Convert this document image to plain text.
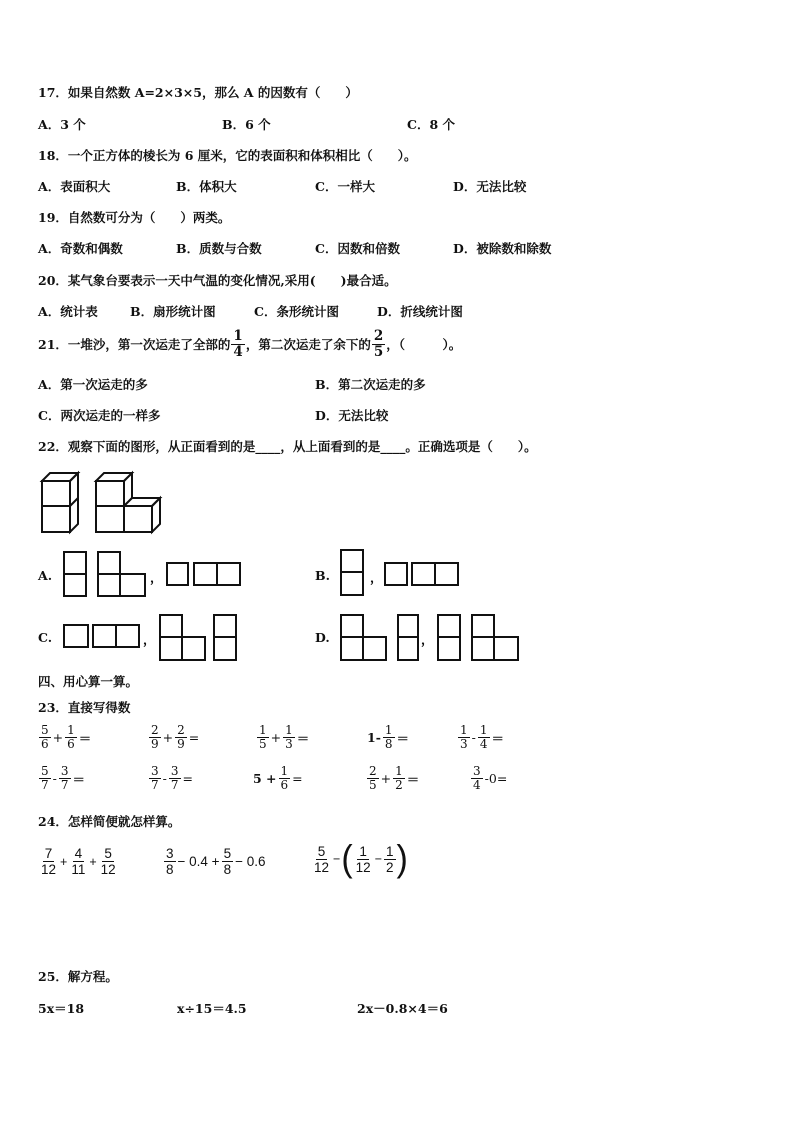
17．如果自然数 A=2×3×5，那么 A 的因数有（　　）
A．3 个	B．6 个	C．8 个
18．一个正方体的棱长为 6 厘米，它的表面积和体积相比（　　）。
A．表面积大	B．体积大	C．一样大	D．无法比较
19．自然数可分为（　　）两类。
A．奇数和偶数	B．质数与合数	C．因数和倍数	D．被除数和除数
20．某气象台要表示一天中气温的变化情况,采用(　　)最合适。
A．统计表	B．扇形统计图	C．条形统计图	D．折线统计图
21．一堆沙，第一次运走了全部的 $\frac{1}{4}$ ，第二次运走了余下的 $\frac{2}{5}$ ，（　　　）。
A．第一次运走的多	B．第二次运走的多
C．两次运走的一样多	D．无法比较
22．观察下面的图形，从正面看到的是____，从上面看到的是____。正确选项是（　　）。
A.	B.
C.	D.
，	，
，	，
四、用心算一算。
23．直接写得数
$\frac{5}{6} + \frac{1}{6}$ ＝	$\frac{2}{9} + \frac{2}{9}$ =	$\frac{1}{5} + \frac{1}{3}$ ＝	$1- \frac{1}{8}$ ＝	$\frac{1}{3} - \frac{1}{4}$ ＝
$\frac{5}{7} - \frac{3}{7}$ ＝	$\frac{3}{7} - \frac{3}{7}$ =	$5 + \frac{1}{6}$ =	$\frac{2}{5} + \frac{1}{2}$ ＝	$\frac{3}{4} -0=$
24．怎样简便就怎样算。
$\frac{7}{12} + \frac{4}{11} + \frac{5}{12}$	$\frac{3}{8} - 0.4 + \frac{5}{8} - 0.6$	$\frac{5}{12}$ − ( $\frac{1}{12} - \frac{1}{2}$ )
25．解方程。
5x＝18	x÷15＝4.5	2x－0.8×4＝6
